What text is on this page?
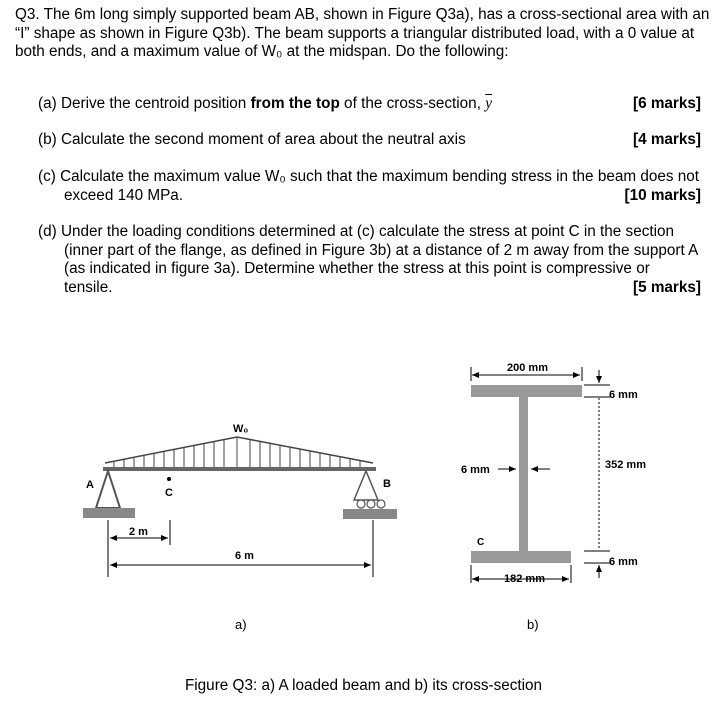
Q3. The 6m long simply supported beam AB, shown in Figure Q3a), has a cross-sectional area with an “I” shape as shown in Figure Q3b). The beam supports a triangular distributed load, with a 0 value at both ends, and a maximum value of W₀ at the midspan. Do the following:
(a) Derive the centroid position from the top of the cross-section, $\overline{y}$	[6 marks]
(b) Calculate the second moment of area about the neutral axis	[4 marks]
(c) Calculate the maximum value W₀ such that the maximum bending stress in the beam does not exceed 140 MPa.	[10 marks]
(d) Under the loading conditions determined at (c) calculate the stress at point C in the section (inner part of the flange, as defined in Figure 3b) at a distance of 2 m away from the support A (as indicated in figure 3a). Determine whether the stress at this point is compressive or tensile.	[5 marks]
W₀
A
C
B
2 m
6 m
a)
200 mm
6 mm
352 mm
6 mm
6 mm
C
182 mm
b)
Figure Q3: a) A loaded beam and b) its cross-section
